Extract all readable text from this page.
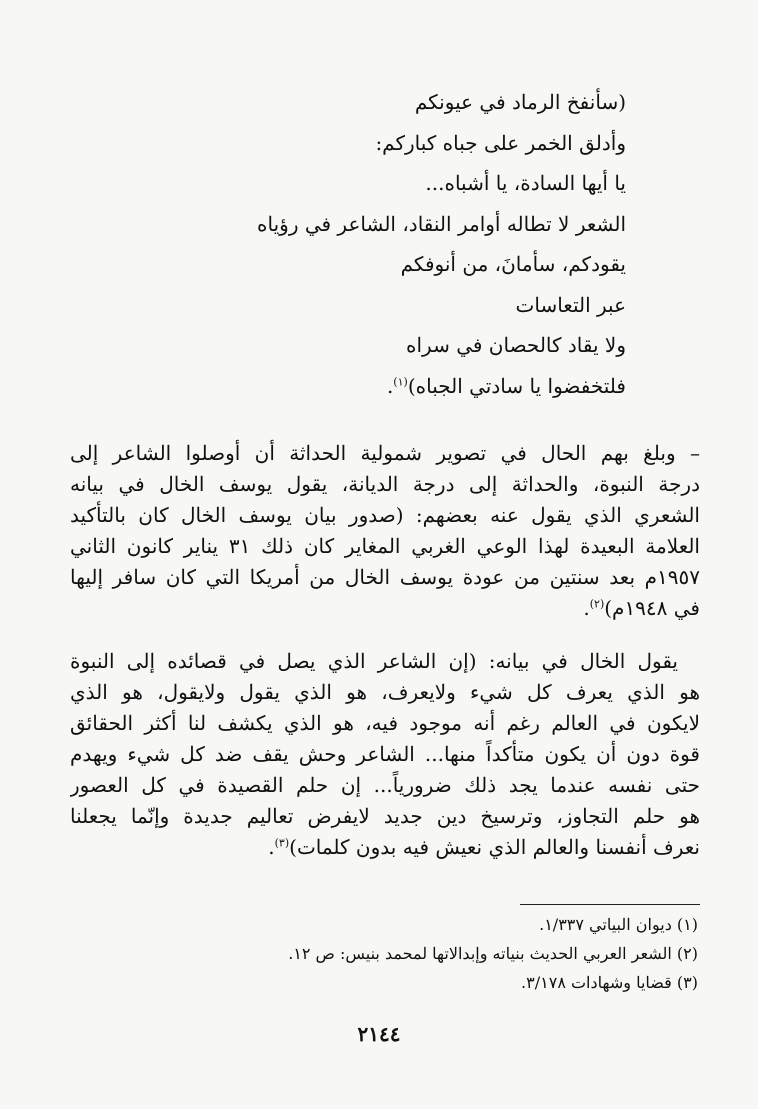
(سأنفخ الرماد في عيونكم
وأدلق الخمر على جباه كباركم:
يا أيها السادة، يا أشباه...
الشعر لا تطاله أوامر النقاد، الشاعر في رؤياه
يقودكم، سأمانَ، من أنوفكم
عبر التعاسات
ولا يقاد كالحصان في سراه
فلتخفضوا يا سادتي الجباه)$^{(١)}$.
– وبلغ بهم الحال في تصوير شمولية الحداثة أن أوصلوا الشاعر إلى
درجة النبوة، والحداثة إلى درجة الديانة، يقول يوسف الخال في بيانه
الشعري الذي يقول عنه بعضهم: (صدور بيان يوسف الخال كان بالتأكيد
العلامة البعيدة لهذا الوعي الغربي المغاير كان ذلك ٣١ يناير كانون الثاني
١٩٥٧م بعد سنتين من عودة يوسف الخال من أمريكا التي كان سافر إليها
في ١٩٤٨م)$^{(٢)}$.
يقول الخال في بيانه: (إن الشاعر الذي يصل في قصائده إلى النبوة
هو الذي يعرف كل شيء ولايعرف، هو الذي يقول ولايقول، هو الذي
لايكون في العالم رغم أنه موجود فيه، هو الذي يكشف لنا أكثر الحقائق
قوة دون أن يكون متأكداً منها... الشاعر وحش يقف ضد كل شيء ويهدم
حتى نفسه عندما يجد ذلك ضرورياً... إن حلم القصيدة في كل العصور
هو حلم التجاوز، وترسيخ دين جديد لايفرض تعاليم جديدة وإنّما يجعلنا
نعرف أنفسنا والعالم الذي نعيش فيه بدون كلمات)$^{(٣)}$.
(١) ديوان البياتي ١/٣٣٧.
(٢) الشعر العربي الحديث بنياته وإبدالاتها لمحمد بنيس: ص ١٢.
(٣) قضايا وشهادات ٣/١٧٨.
٢١٤٤
